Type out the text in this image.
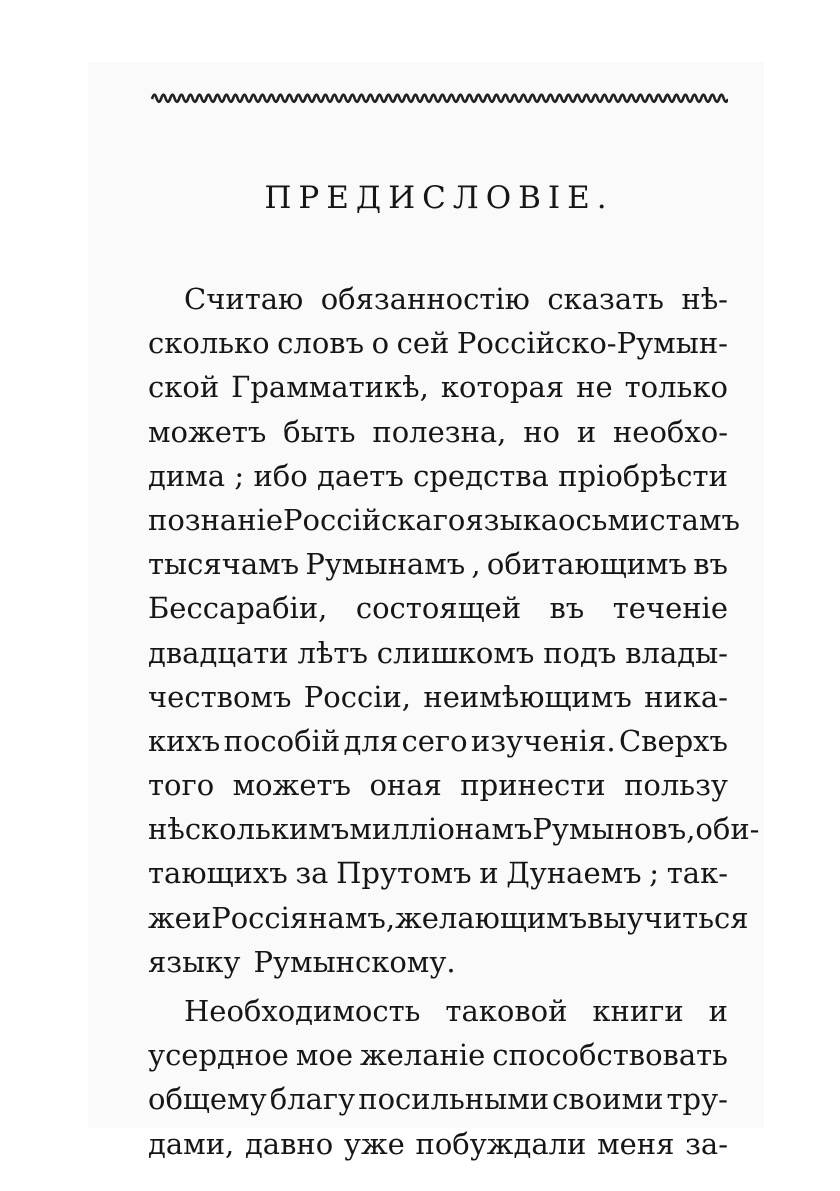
ПРЕДИСЛОВІЕ.
Считаю обязанностію сказать нѣ-
сколько словъ о сей Россійско-Румын-
ской Грамматикѣ, которая не только
можетъ быть полезна, но и необхо-
дима ; ибо даетъ средства пріобрѣсти
познаніе Россійскаго языка осьми стамъ
тысячамъ Румынамъ , обитающимъ въ
Бессарабіи, состоящей въ теченіе
двадцати лѣтъ слишкомъ подъ влады-
чествомъ Россіи, неимѣющимъ ника-
кихъ пособій для сего изученія. Сверхъ
того можетъ оная принести пользу
нѣсколькимъ милліонамъ Румыновъ, оби-
тающихъ за Прутомъ и Дунаемъ ; так-
же и Россіянамъ, желающимъ выучиться
языку Румынскому.
Необходимость таковой книги и
усердное мое желаніе способствовать
общему благу посильными своими тру-
дами, давно уже побуждали меня за-
